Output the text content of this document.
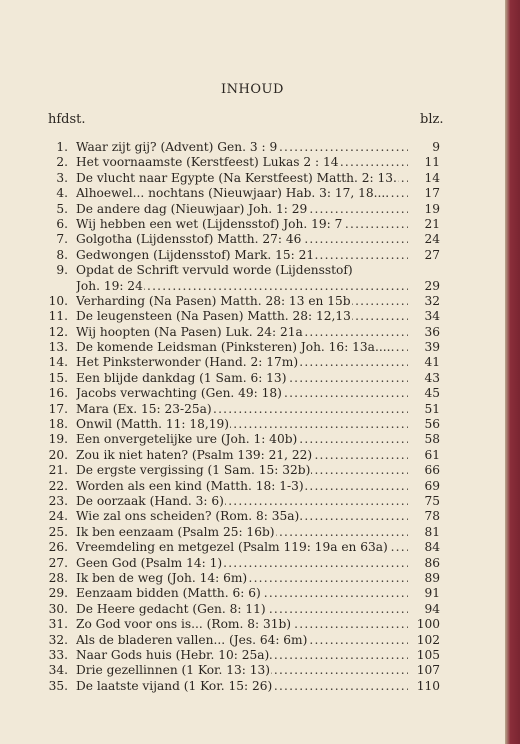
INHOUD
hfdst.	blz.
1. Waar zijt gij? (Advent) Gen. 3 : 9 .....	9
2. Het voornaamste (Kerstfeest) Lukas 2 : 14 .....	11
3. De vlucht naar Egypte (Na Kerstfeest) Matth. 2: 13. .....	14
4. Alhoewel... nochtans (Nieuwjaar) Hab. 3: 17, 18.... .....	17
5. De andere dag (Nieuwjaar) Joh. 1: 29 .....	19
6. Wij hebben een wet (Lijdensstof) Joh. 19: 7 .....	21
7. Golgotha (Lijdensstof) Matth. 27: 46 .....	24
8. Gedwongen (Lijdensstof) Mark. 15: 21 .....	27
9. Opdat de Schrift vervuld worde (Lijdensstof)
Joh. 19: 24 .....	29
10. Verharding (Na Pasen) Matth. 28: 13 en 15b .....	32
11. De leugensteen (Na Pasen) Matth. 28: 12,13 .....	34
12. Wij hoopten (Na Pasen) Luk. 24: 21a .....	36
13. De komende Leidsman (Pinksteren) Joh. 16: 13a.... .....	39
14. Het Pinksterwonder (Hand. 2: 17m) .....	41
15. Een blijde dankdag (1 Sam. 6: 13) .....	43
16. Jacobs verwachting (Gen. 49: 18) .....	45
17. Mara (Ex. 15: 23-25a) .....	51
18. Onwil (Matth. 11: 18,19) .....	56
19. Een onvergetelijke ure (Joh. 1: 40b) .....	58
20. Zou ik niet haten? (Psalm 139: 21, 22) .....	61
21. De ergste vergissing (1 Sam. 15: 32b) .....	66
22. Worden als een kind (Matth. 18: 1-3) .....	69
23. De oorzaak (Hand. 3: 6) .....	75
24. Wie zal ons scheiden? (Rom. 8: 35a) .....	78
25. Ik ben eenzaam (Psalm 25: 16b) .....	81
26. Vreemdeling en metgezel (Psalm 119: 19a en 63a) .....	84
27. Geen God (Psalm 14: 1) .....	86
28. Ik ben de weg (Joh. 14: 6m) .....	89
29. Eenzaam bidden (Matth. 6: 6) .....	91
30. De Heere gedacht (Gen. 8: 11) .....	94
31. Zo God voor ons is... (Rom. 8: 31b) .....	100
32. Als de bladeren vallen... (Jes. 64: 6m) .....	102
33. Naar Gods huis (Hebr. 10: 25a) .....	105
34. Drie gezellinnen (1 Kor. 13: 13) .....	107
35. De laatste vijand (1 Kor. 15: 26) .....	110
